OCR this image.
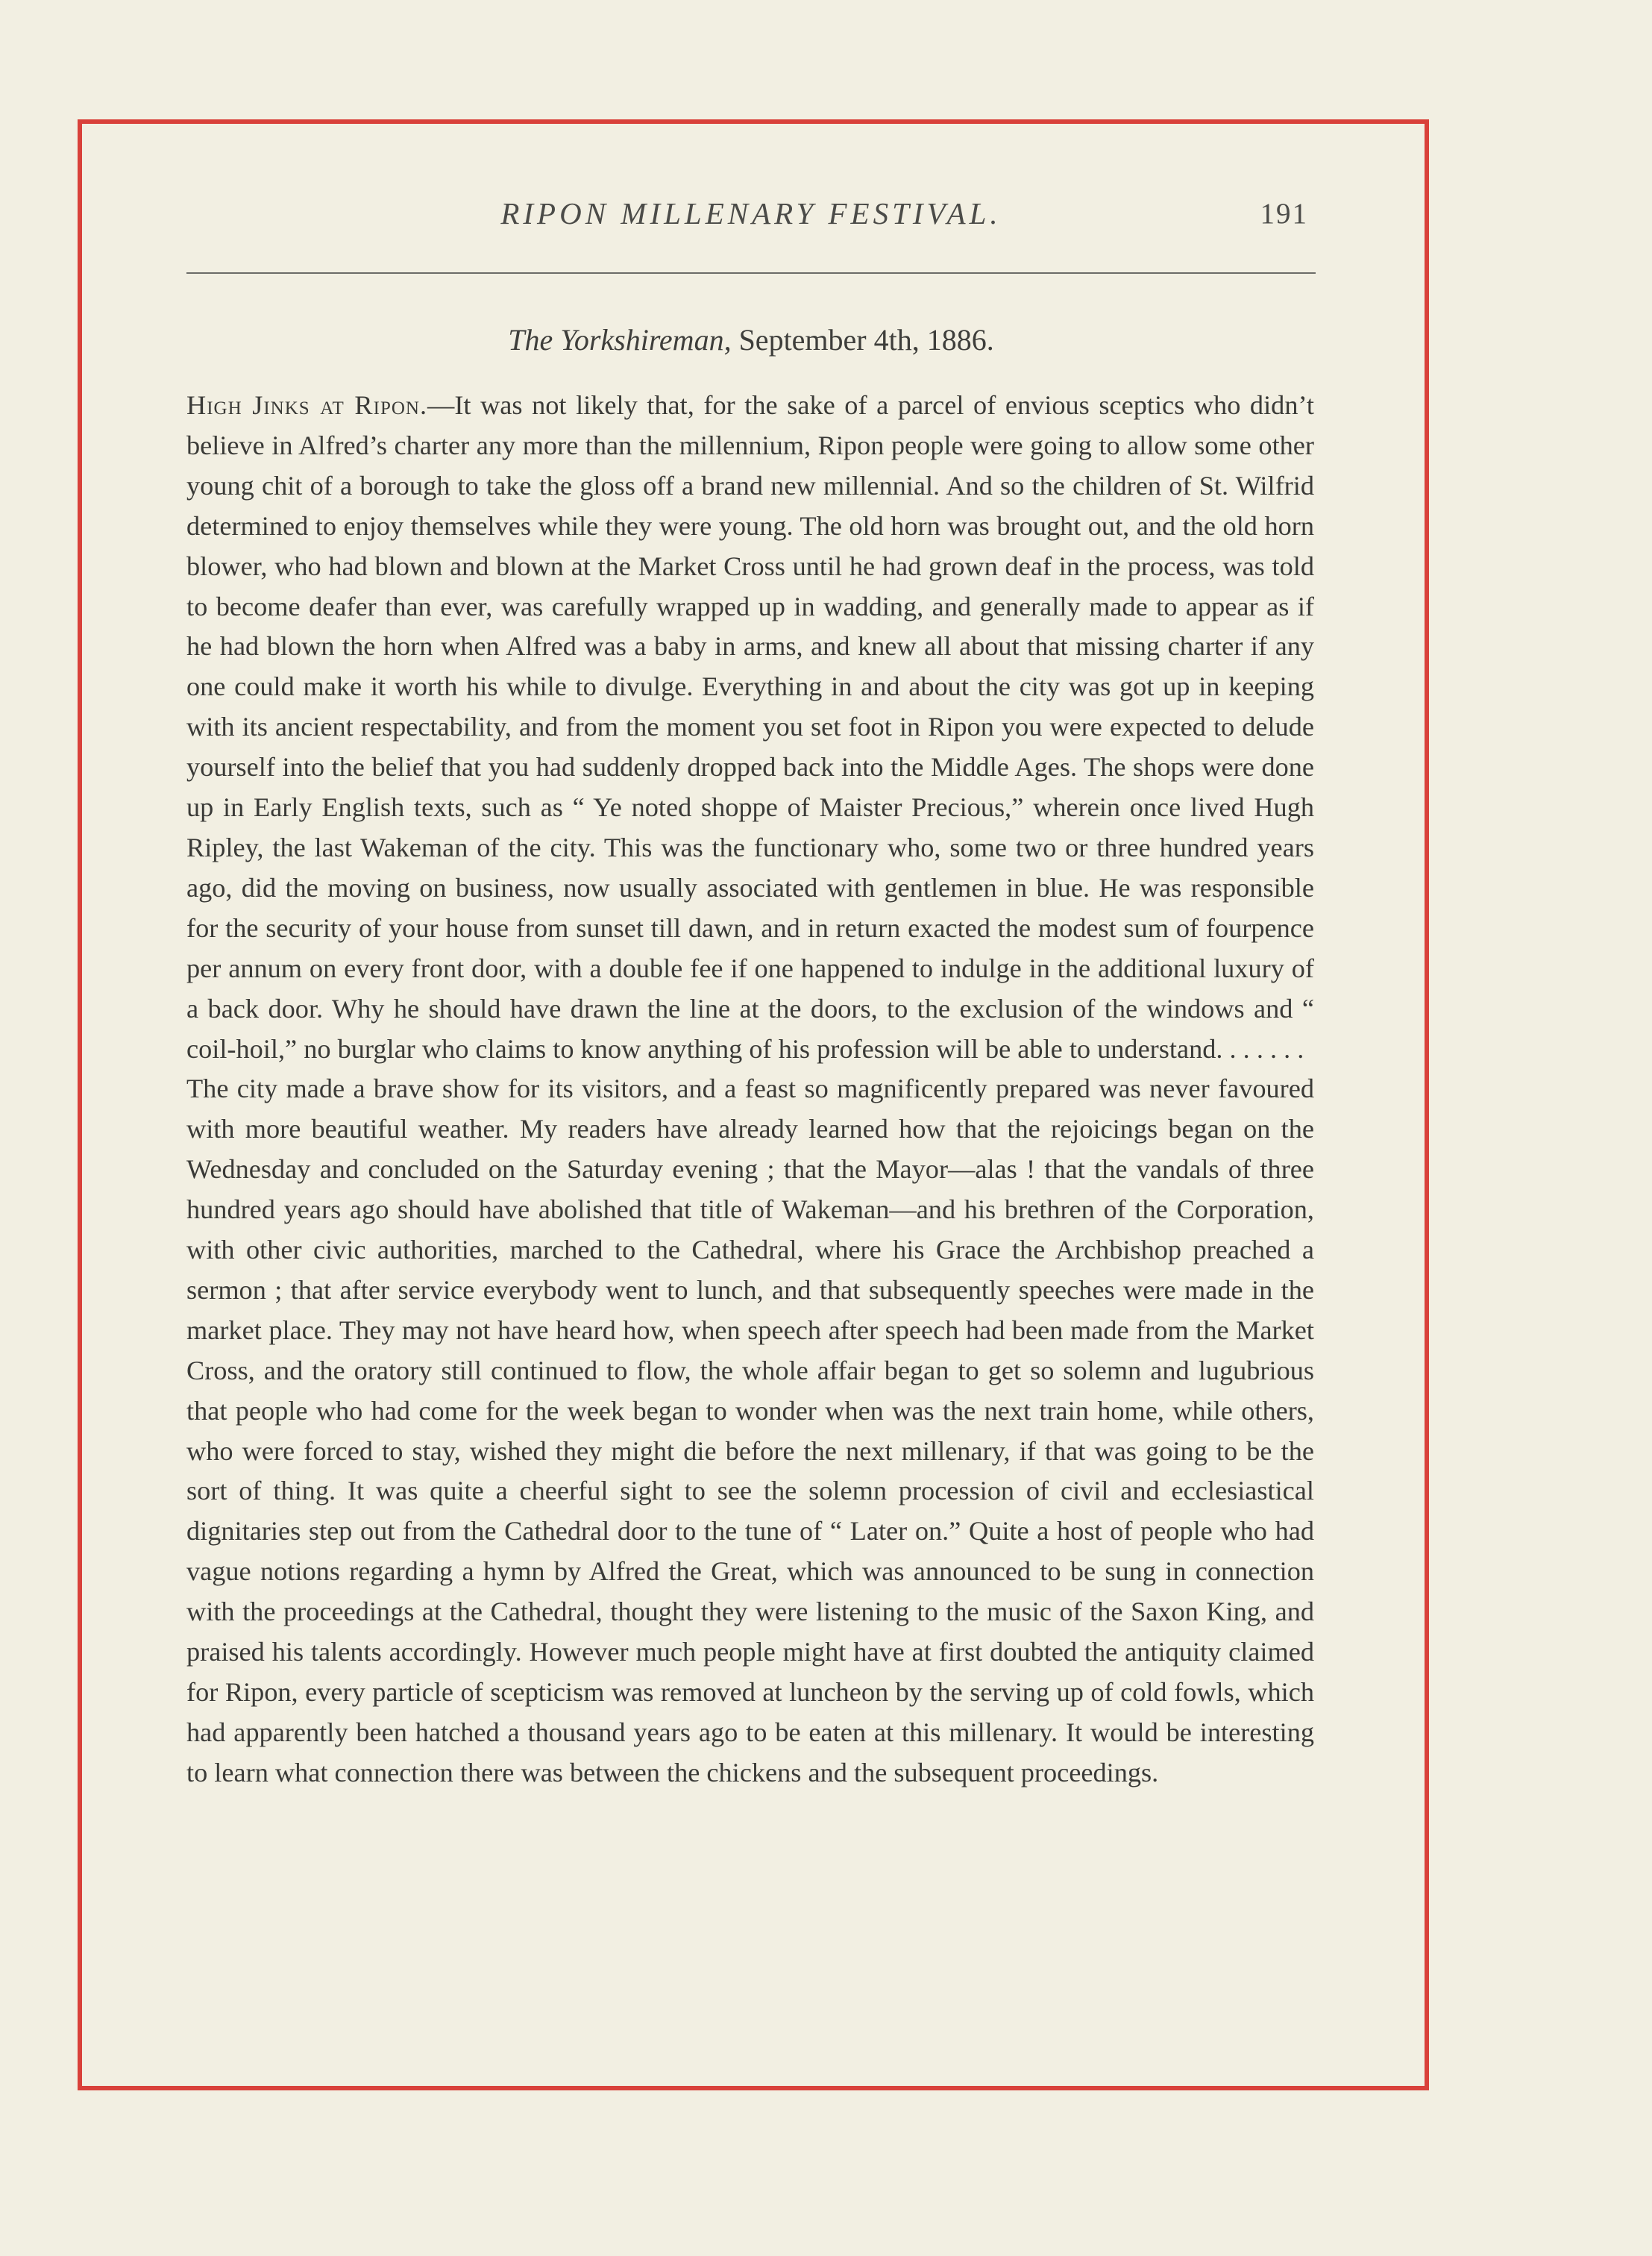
RIPON MILLENARY FESTIVAL.	191
The Yorkshireman, September 4th, 1886.

High Jinks at Ripon.—It was not likely that, for the sake of a parcel of envious sceptics who didn’t believe in Alfred’s charter any more than the millennium, Ripon people were going to allow some other young chit of a borough to take the gloss off a brand new millennial. And so the children of St. Wilfrid determined to enjoy themselves while they were young. The old horn was brought out, and the old horn blower, who had blown and blown at the Market Cross until he had grown deaf in the process, was told to become deafer than ever, was carefully wrapped up in wadding, and generally made to appear as if he had blown the horn when Alfred was a baby in arms, and knew all about that missing charter if any one could make it worth his while to divulge. Everything in and about the city was got up in keeping with its ancient respectability, and from the moment you set foot in Ripon you were expected to delude yourself into the belief that you had suddenly dropped back into the Middle Ages. The shops were done up in Early English texts, such as “ Ye noted shoppe of Maister Precious,” wherein once lived Hugh Ripley, the last Wakeman of the city. This was the functionary who, some two or three hundred years ago, did the moving on business, now usually associated with gentlemen in blue. He was responsible for the security of your house from sunset till dawn, and in return exacted the modest sum of fourpence per annum on every front door, with a double fee if one happened to indulge in the additional luxury of a back door. Why he should have drawn the line at the doors, to the exclusion of the windows and “ coil-hoil,” no burglar who claims to know anything of his profession will be able to understand. . . . . . .

The city made a brave show for its visitors, and a feast so magnificently prepared was never favoured with more beautiful weather. My readers have already learned how that the rejoicings began on the Wednesday and concluded on the Saturday evening ; that the Mayor—alas ! that the vandals of three hundred years ago should have abolished that title of Wakeman—and his brethren of the Corporation, with other civic authorities, marched to the Cathedral, where his Grace the Archbishop preached a sermon ; that after service everybody went to lunch, and that subsequently speeches were made in the market place. They may not have heard how, when speech after speech had been made from the Market Cross, and the oratory still continued to flow, the whole affair began to get so solemn and lugubrious that people who had come for the week began to wonder when was the next train home, while others, who were forced to stay, wished they might die before the next millenary, if that was going to be the sort of thing. It was quite a cheerful sight to see the solemn procession of civil and ecclesiastical dignitaries step out from the Cathedral door to the tune of “ Later on.” Quite a host of people who had vague notions regarding a hymn by Alfred the Great, which was announced to be sung in connection with the proceedings at the Cathedral, thought they were listening to the music of the Saxon King, and praised his talents accordingly. However much people might have at first doubted the antiquity claimed for Ripon, every particle of scepticism was removed at luncheon by the serving up of cold fowls, which had apparently been hatched a thousand years ago to be eaten at this millenary. It would be interesting to learn what connection there was between the chickens and the subsequent proceedings.
